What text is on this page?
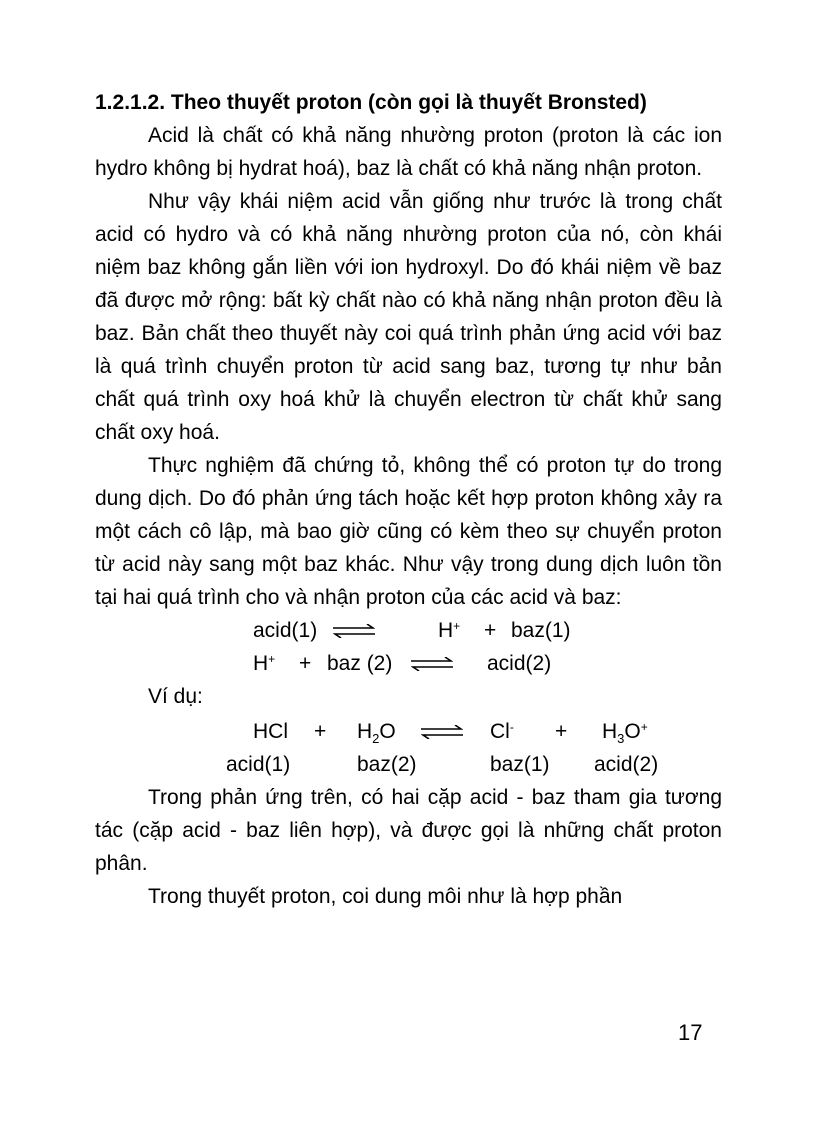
1.2.1.2. Theo thuyết proton (còn gọi là thuyết Bronsted)

Acid là chất có khả năng nhường proton (proton là các ion hydro không bị hydrat hoá), baz là chất có khả năng nhận proton.

Như vậy khái niệm acid vẫn giống như trước là trong chất acid có hydro và có khả năng nhường proton của nó, còn khái niệm baz không gắn liền với ion hydroxyl. Do đó khái niệm về baz đã được mở rộng: bất kỳ chất nào có khả năng nhận proton đều là baz. Bản chất theo thuyết này coi quá trình phản ứng acid với baz là quá trình chuyển proton từ acid sang baz, tương tự như bản chất quá trình oxy hoá khử là chuyển electron từ chất khử sang chất oxy hoá.

Thực nghiệm đã chứng tỏ, không thể có proton tự do trong dung dịch. Do đó phản ứng tách hoặc kết hợp proton không xảy ra một cách cô lập, mà bao giờ cũng có kèm theo sự chuyển proton từ acid này sang một baz khác. Như vậy trong dung dịch luôn tồn tại hai quá trình cho và nhận proton của các acid và baz:

acid(1) ⇌	H+ + baz(1)
H+ + baz (2) ⇌ acid(2)
Ví dụ:
HCl + $H_2O$ ⇌ $Cl^- + H_3O^+$
acid(1)	baz(2)	baz(1) acid(2)

Trong phản ứng trên, có hai cặp acid - baz tham gia tương tác (cặp acid - baz liên hợp), và được gọi là những chất proton phân.

Trong thuyết proton, coi dung môi như là hợp phần

17
